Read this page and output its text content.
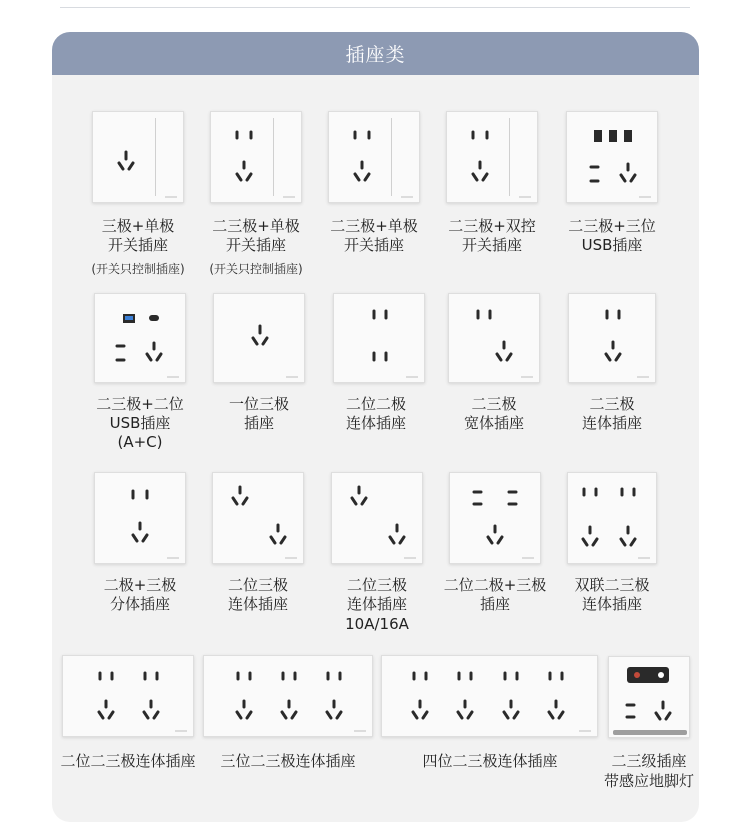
插座类
三极+单极
开关插座
(开关只控制插座)
二三极+单极
开关插座
(开关只控制插座)
二三极+单极
开关插座
二三极+双控
开关插座
二三极+三位
USB插座
二三极+二位
USB插座
(A+C)
一位三极
插座
二位二极
连体插座
二三极
宽体插座
二三极
连体插座
二极+三极
分体插座
二位三极
连体插座
二位三极
连体插座
10A/16A
二位二极+三极
插座
双联二三极
连体插座
二位二三极连体插座	三位二三极连体插座	四位二三极连体插座	二三级插座
带感应地脚灯
